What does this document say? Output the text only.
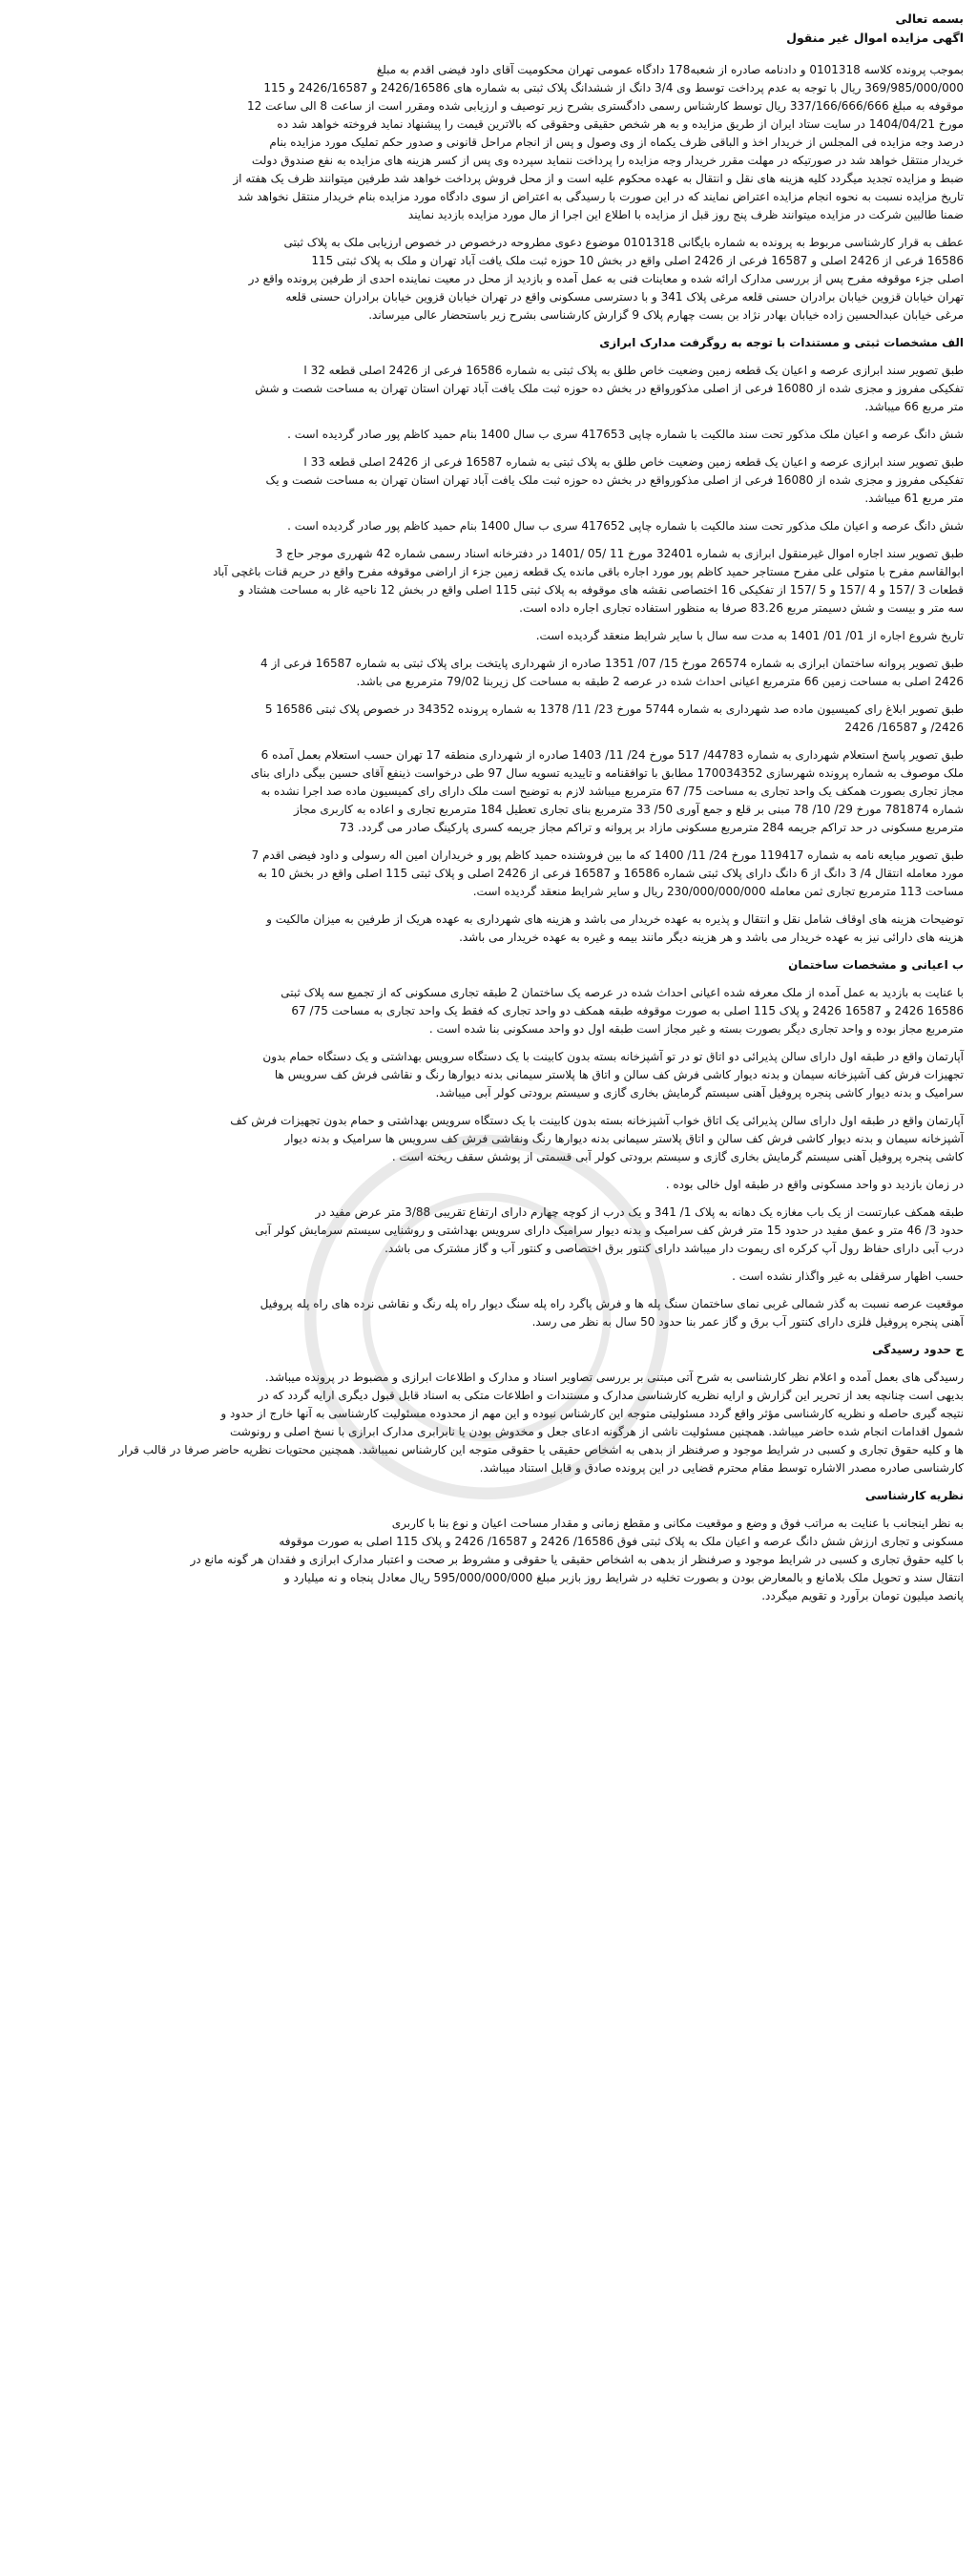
بسمه تعالی
اگهی مزایده اموال غیر منقول
بموجب پرونده کلاسه 0101318 و دادنامه صادره از شعبه178 دادگاه عمومی تهران محکومیت آقای داود فیضی اقدم به مبلغ
369/985/000/000 ریال با توجه به عدم پرداخت توسط وی 3/4 دانگ از ششدانگ پلاک ثبتی به شماره های 2426/16586 و 2426/16587 و 115
موقوفه به مبلغ 337/166/666/666 ریال توسط کارشناس رسمی دادگستری بشرح زیر توصیف و ارزیابی شده ومقرر است از ساعت 8 الی ساعت 12
مورخ 1404/04/21 در سایت ستاد ایران از طریق مزایده و به هر شخص حقیقی وحقوقی که بالاترین قیمت را پیشنهاد نماید فروخته خواهد شد ده
درصد وجه مزایده فی المجلس از خریدار اخذ و الباقی ظرف یکماه از وی وصول و پس از انجام مراحل قانونی و صدور حکم تملیک مورد مزایده بنام
خریدار منتقل خواهد شد در صورتیکه در مهلت مقرر خریدار وجه مزایده را پرداخت ننماید سپرده وی پس از کسر هزینه های مزایده به نفع صندوق دولت
ضبط و مزایده تجدید میگردد کلیه هزینه های نقل و انتقال به عهده محکوم علیه است و از محل فروش پرداخت خواهد شد طرفین میتوانند ظرف یک هفته از
تاریخ مزایده نسبت به نحوه انجام مزایده اعتراض نمایند که در این صورت با رسیدگی به اعتراض از سوی دادگاه مورد مزایده بنام خریدار منتقل نخواهد شد
ضمنا طالبین شرکت در مزایده میتوانند ظرف پنج روز قبل از مزایده با اطلاع این اجرا از مال مورد مزایده بازدید نمایند
عطف به قرار کارشناسی مربوط به پرونده به شماره بایگانی 0101318 موضوع دعوی مطروحه درخصوص در خصوص ارزیابی ملک به پلاک ثبتی
16586 فرعی از 2426 اصلی و 16587 فرعی از 2426 اصلی واقع در بخش 10 حوزه ثبت ملک یافت آباد تهران و ملک به پلاک ثبتی 115
اصلی جزء موقوفه مفرح پس از بررسی مدارک ارائه شده و معاینات فنی به عمل آمده و بازدید از محل در معیت نماینده احدی از طرفین پرونده واقع در
تهران خیابان قزوین خیابان برادران حسنی قلعه مرغی پلاک 341 و با دسترسی مسکونی واقع در تهران خیابان قزوین خیابان برادران حسنی قلعه
مرغی خیابان عبدالحسین زاده خیابان بهادر نژاد بن بست چهارم پلاک 9 گزارش کارشناسی بشرح زیر باستحضار عالی میرساند.
الف مشخصات ثبتی و مستندات با توجه به روگرفت مدارک ابرازی
طبق تصویر سند ابرازی عرصه و اعیان یک قطعه زمین وضعیت خاص طلق به پلاک ثبتی به شماره 16586 فرعی از 2426 اصلی قطعه 32 ا
تفکیکی مفروز و مجزی شده از 16080 فرعی از اصلی مذکورواقع در بخش ده حوزه ثبت ملک یافت آباد تهران استان تهران به مساحت شصت و شش
متر مربع 66 میباشد.
شش دانگ عرصه و اعیان ملک مذکور تحت سند مالکیت با شماره چاپی 417653 سری ب سال 1400 بنام حمید کاظم پور صادر گردیده است .
طبق تصویر سند ابرازی عرصه و اعیان یک قطعه زمین وضعیت خاص طلق به پلاک ثبتی به شماره 16587 فرعی از 2426 اصلی قطعه 33 ا
تفکیکی مفروز و مجزی شده از 16080 فرعی از اصلی مذکورواقع در بخش ده حوزه ثبت ملک یافت آباد تهران استان تهران به مساحت شصت و یک
متر مربع 61 میباشد.
شش دانگ عرصه و اعیان ملک مذکور تحت سند مالکیت با شماره چاپی 417652 سری ب سال 1400 بنام حمید کاظم پور صادر گردیده است .
طبق تصویر سند اجاره اموال غیرمنقول ابرازی به شماره 32401 مورخ 11 /05 /1401 در دفترخانه اسناد رسمی شماره 42 شهرری موجر حاج 3
ابوالقاسم مفرح با متولی علی مفرح مستاجر حمید کاظم پور مورد اجاره باقی مانده یک قطعه زمین جزء از اراضی موقوفه مفرح واقع در حریم قنات باغچی آباد
قطعات 3 /157 و 4 /157 و 5 /157 از تفکیکی 16 اختصاصی نقشه های موقوفه به پلاک ثبتی 115 اصلی واقع در بخش 12 ناحیه غار به مساحت هشتاد و
سه متر و بیست و شش دسیمتر مربع 83.26 صرفا به منظور استفاده تجاری اجاره داده است.
تاریخ شروع اجاره از 01/ 01/ 1401 به مدت سه سال با سایر شرایط منعقد گردیده است.
طبق تصویر پروانه ساختمان ابرازی به شماره 26574 مورخ 15/ 07/ 1351 صادره از شهرداری پایتخت برای پلاک ثبتی به شماره 16587 فرعی از 4
2426 اصلی به مساحت زمین 66 مترمربع اعیانی احداث شده در عرصه 2 طبقه به مساحت کل زیربنا 79/02 مترمربع می باشد.
طبق تصویر ابلاغ رای کمیسیون ماده صد شهرداری به شماره 5744 مورخ 23/ 11/ 1378 به شماره پرونده 34352 در خصوص پلاک ثبتی 16586 5
2426/ و 16587/ 2426
طبق تصویر پاسخ استعلام شهرداری به شماره 44783/ 517 مورخ 24/ 11/ 1403 صادره از شهرداری منطقه 17 تهران حسب استعلام بعمل آمده 6
ملک موصوف به شماره پرونده شهرسازی 170034352 مطابق با توافقنامه و تاییدیه تسویه سال 97 طی درخواست ذینفع آقای حسین بیگی دارای بنای
مجاز تجاری بصورت همکف یک واحد تجاری به مساحت 75/ 67 مترمربع میباشد لازم به توضیح است ملک دارای رای کمیسیون ماده صد اجرا نشده به
شماره 781874 مورخ 29/ 10/ 78 مبنی بر قلع و جمع آوری 50/ 33 مترمربع بنای تجاری تعطیل 184 مترمربع تجاری و اعاده به کاربری مجاز
مترمربع مسکونی در حد تراکم جریمه 284 مترمربع مسکونی مازاد بر پروانه و تراکم مجاز جریمه کسری پارکینگ صادر می گردد. 73
طبق تصویر مبایعه نامه به شماره 119417 مورخ 24/ 11/ 1400 که ما بین فروشنده حمید کاظم پور و خریداران امین اله رسولی و داود فیضی اقدم 7
مورد معامله انتقال 4/ 3 دانگ از 6 دانگ دارای پلاک ثبتی شماره 16586 و 16587 فرعی از 2426 اصلی و پلاک ثبتی 115 اصلی واقع در بخش 10 به
مساحت 113 مترمربع تجاری ثمن معامله 230/000/000/000 ریال و سایر شرایط منعقد گردیده است.
توضیحات هزینه های اوقاف شامل نقل و انتقال و پذیره به عهده خریدار می باشد و هزینه های شهرداری به عهده هریک از طرفین به میزان مالکیت و
هزینه های دارائی نیز به عهده خریدار می باشد و هر هزینه دیگر مانند بیمه و غیره به عهده خریدار می باشد.
ب اعیانی و مشخصات ساختمان
با عنایت به بازدید به عمل آمده از ملک معرفه شده اعیانی احداث شده در عرصه یک ساختمان 2 طبقه تجاری مسکونی که از تجمیع سه پلاک ثبتی
16586 2426 و 16587 2426 و پلاک 115 اصلی به صورت موقوفه طبقه همکف دو واحد تجاری که فقط یک واحد تجاری به مساحت 75/ 67
مترمربع مجاز بوده و واحد تجاری دیگر بصورت بسته و غیر مجاز است طبقه اول دو واحد مسکونی بنا شده است .
آپارتمان واقع در طبقه اول دارای سالن پذیرائی دو اتاق تو در تو آشپزخانه بسته بدون کابینت با یک دستگاه سرویس بهداشتی و یک دستگاه حمام بدون
تجهیزات فرش کف آشپزخانه سیمان و بدنه دیوار کاشی فرش کف سالن و اتاق ها پلاستر سیمانی بدنه دیوارها رنگ و نقاشی فرش کف سرویس ها
سرامیک و بدنه دیوار کاشی پنجره پروفیل آهنی سیستم گرمایش بخاری گازی و سیستم برودتی کولر آبی میباشد.
آپارتمان واقع در طبقه اول دارای سالن پذیرائی یک اتاق خواب آشپزخانه بسته بدون کابینت با یک دستگاه سرویس بهداشتی و حمام بدون تجهیزات فرش کف
آشپزخانه سیمان و بدنه دیوار کاشی فرش کف سالن و اتاق پلاستر سیمانی بدنه دیوارها رنگ ونقاشی فرش کف سرویس ها سرامیک و بدنه دیوار
کاشی پنجره پروفیل آهنی سیستم گرمایش بخاری گازی و سیستم برودتی کولر آبی قسمتی از پوشش سقف ریخته است .
در زمان بازدید دو واحد مسکونی واقع در طبقه اول خالی بوده .
طبقه همکف عبارتست از یک باب مغازه یک دهانه به پلاک 1/ 341 و یک درب از کوچه چهارم دارای ارتفاع تقریبی 3/88 متر عرض مفید در
حدود 3/ 46 متر و عمق مفید در حدود 15 متر فرش کف سرامیک و بدنه دیوار سرامیک دارای سرویس بهداشتی و روشنایی سیستم سرمایش کولر آبی
درب آبی دارای حفاظ رول آپ کرکره ای ریموت دار میباشد دارای کنتور برق اختصاصی و کنتور آب و گاز مشترک می باشد.
حسب اظهار سرقفلی به غیر واگذار نشده است .
موقعیت عرصه نسبت به گذر شمالی غربی نمای ساختمان سنگ پله ها و فرش پاگرد راه پله سنگ دیوار راه پله رنگ و نقاشی نرده های راه پله پروفیل
آهنی پنجره پروفیل فلزی دارای کنتور آب برق و گاز عمر بنا حدود 50 سال به نظر می رسد.
ج حدود رسیدگی
رسیدگی های بعمل آمده و اعلام نظر کارشناسی به شرح آتی مبتنی بر بررسی تصاویر اسناد و مدارک و اطلاعات ابرازی و مضبوط در پرونده میباشد.
بدیهی است چنانچه بعد از تحریر این گزارش و ارایه نظریه کارشناسی مدارک و مستندات و اطلاعات متکی به اسناد قابل قبول دیگری ارایه گردد که در
نتیجه گیری حاصله و نظریه کارشناسی مؤثر واقع گردد مسئولیتی متوجه این کارشناس نبوده و این مهم از محدوده مسئولیت کارشناسی به آنها خارج از حدود و
شمول اقدامات انجام شده حاضر میباشد. همچنین مسئولیت ناشی از هرگونه ادعای جعل و مخدوش بودن یا نابرابری مدارک ابرازی با نسخ اصلی و رونوشت
ها و کلیه حقوق تجاری و کسبی در شرایط موجود و صرفنظر از بدهی به اشخاص حقیقی یا حقوقی متوجه این کارشناس نمیباشد. همچنین محتویات نظریه حاضر صرفا در قالب قرار
کارشناسی صادره مصدر الاشاره توسط مقام محترم قضایی در این پرونده صادق و قابل استناد میباشد.
نظریه کارشناسی
به نظر اینجانب با عنایت به مراتب فوق و وضع و موقعیت مکانی و مقطع زمانی و مقدار مساحت اعیان و نوع بنا با کاربری
مسکونی و تجاری ارزش شش دانگ عرصه و اعیان ملک به پلاک ثبتی فوق 16586/ 2426 و 16587/ 2426 و پلاک 115 اصلی به صورت موقوفه
با کلیه حقوق تجاری و کسبی در شرایط موجود و صرفنظر از بدهی به اشخاص حقیقی یا حقوقی و مشروط بر صحت و اعتبار مدارک ابرازی و فقدان هر گونه مانع در
انتقال سند و تحویل ملک بلامانع و بالمعارض بودن و بصورت تخلیه در شرایط روز بازبر مبلغ 595/000/000/000 ریال معادل پنجاه و نه میلیارد و
پانصد میلیون تومان برآورد و تقویم میگردد.
